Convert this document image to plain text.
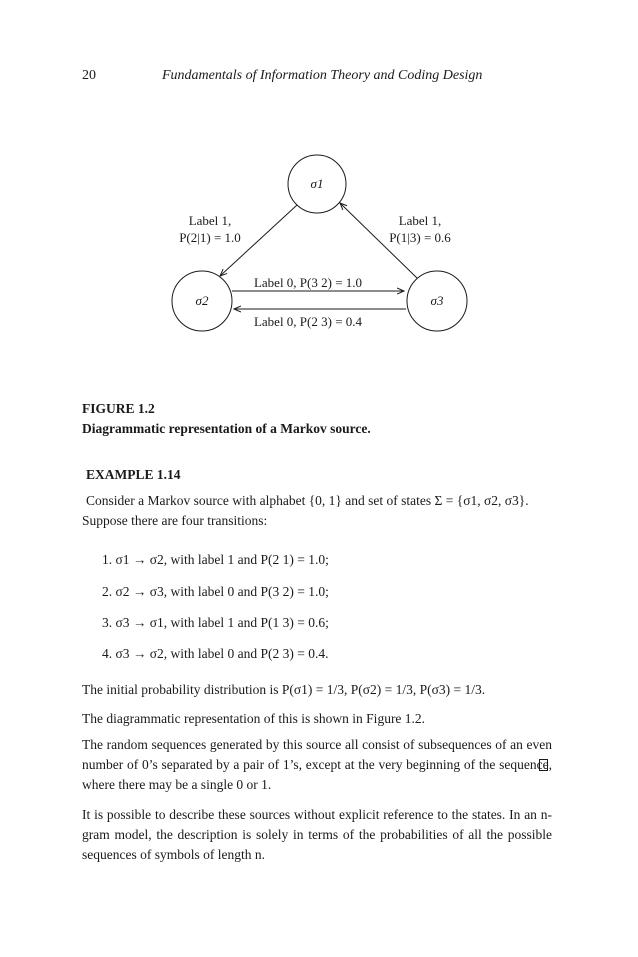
20	Fundamentals of Information Theory and Coding Design
σ1
σ2	σ3
Label 1,
P(2|1) = 1.0
Label 1,
P(1|3) = 0.6
Label 0, P(3 2) = 1.0
Label 0, P(2 3) = 0.4
FIGURE 1.2
Diagrammatic representation of a Markov source.
EXAMPLE 1.14
Consider a Markov source with alphabet {0, 1} and set of states Σ = {σ1, σ2, σ3}.
Suppose there are four transitions:
1. σ1 → σ2, with label 1 and P(2 1) = 1.0;
2. σ2 → σ3, with label 0 and P(3 2) = 1.0;
3. σ3 → σ1, with label 1 and P(1 3) = 0.6;
4. σ3 → σ2, with label 0 and P(2 3) = 0.4.
The initial probability distribution is P(σ1) = 1/3, P(σ2) = 1/3, P(σ3) = 1/3.
The diagrammatic representation of this is shown in Figure 1.2.
The random sequences generated by this source all consist of subsequences of an even number of 0’s separated by a pair of 1’s, except at the very beginning of the sequence, where there may be a single 0 or 1.
It is possible to describe these sources without explicit reference to the states. In an n-gram model, the description is solely in terms of the probabilities of all the possible sequences of symbols of length n.
